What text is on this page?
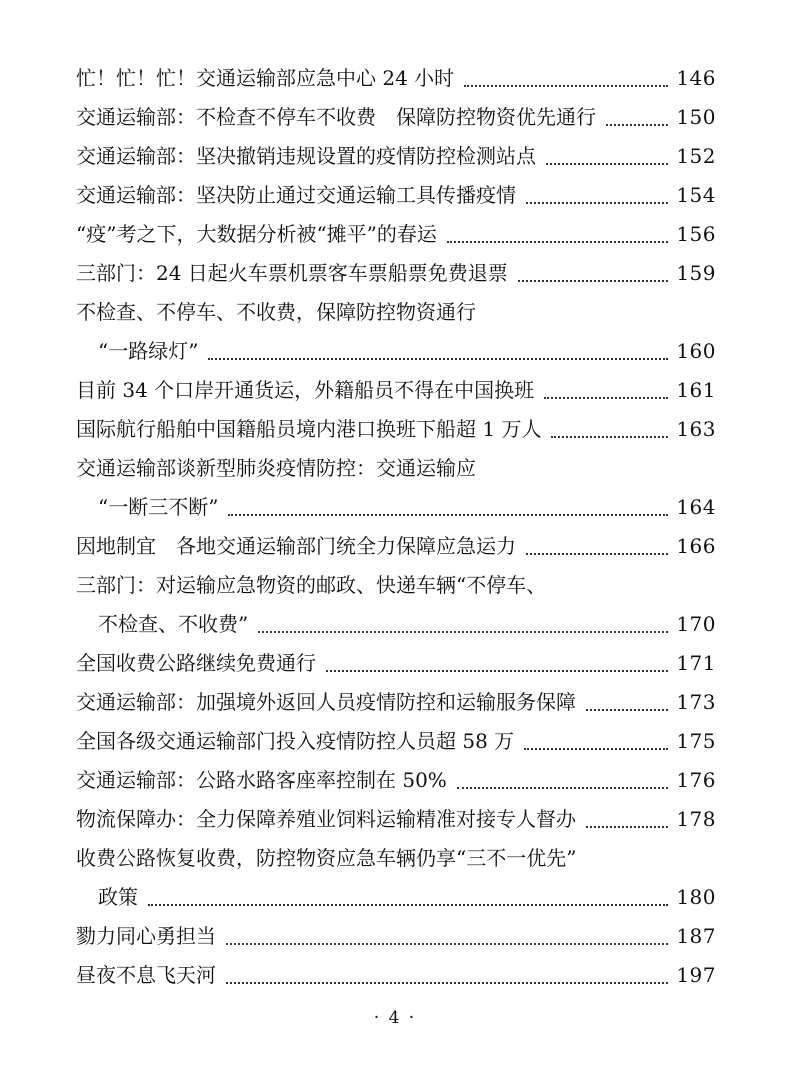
忙！忙！忙！交通运输部应急中心 24 小时	146
交通运输部：不检查不停车不收费　保障防控物资优先通行	150
交通运输部：坚决撤销违规设置的疫情防控检测站点	152
交通运输部：坚决防止通过交通运输工具传播疫情	154
“疫”考之下，大数据分析被“摊平”的春运	156
三部门：24 日起火车票机票客车票船票免费退票	159
不检查、不停车、不收费，保障防控物资通行
“一路绿灯”	160
目前 34 个口岸开通货运，外籍船员不得在中国换班	161
国际航行船舶中国籍船员境内港口换班下船超 1 万人	163
交通运输部谈新型肺炎疫情防控：交通运输应
“一断三不断”	164
因地制宜　各地交通运输部门统全力保障应急运力	166
三部门：对运输应急物资的邮政、快递车辆“不停车、
不检查、不收费”	170
全国收费公路继续免费通行	171
交通运输部：加强境外返回人员疫情防控和运输服务保障	173
全国各级交通运输部门投入疫情防控人员超 58 万	175
交通运输部：公路水路客座率控制在 50%	176
物流保障办：全力保障养殖业饲料运输精准对接专人督办	178
收费公路恢复收费，防控物资应急车辆仍享“三不一优先”
政策	180
勠力同心勇担当	187
昼夜不息飞天河	197
· 4 ·
